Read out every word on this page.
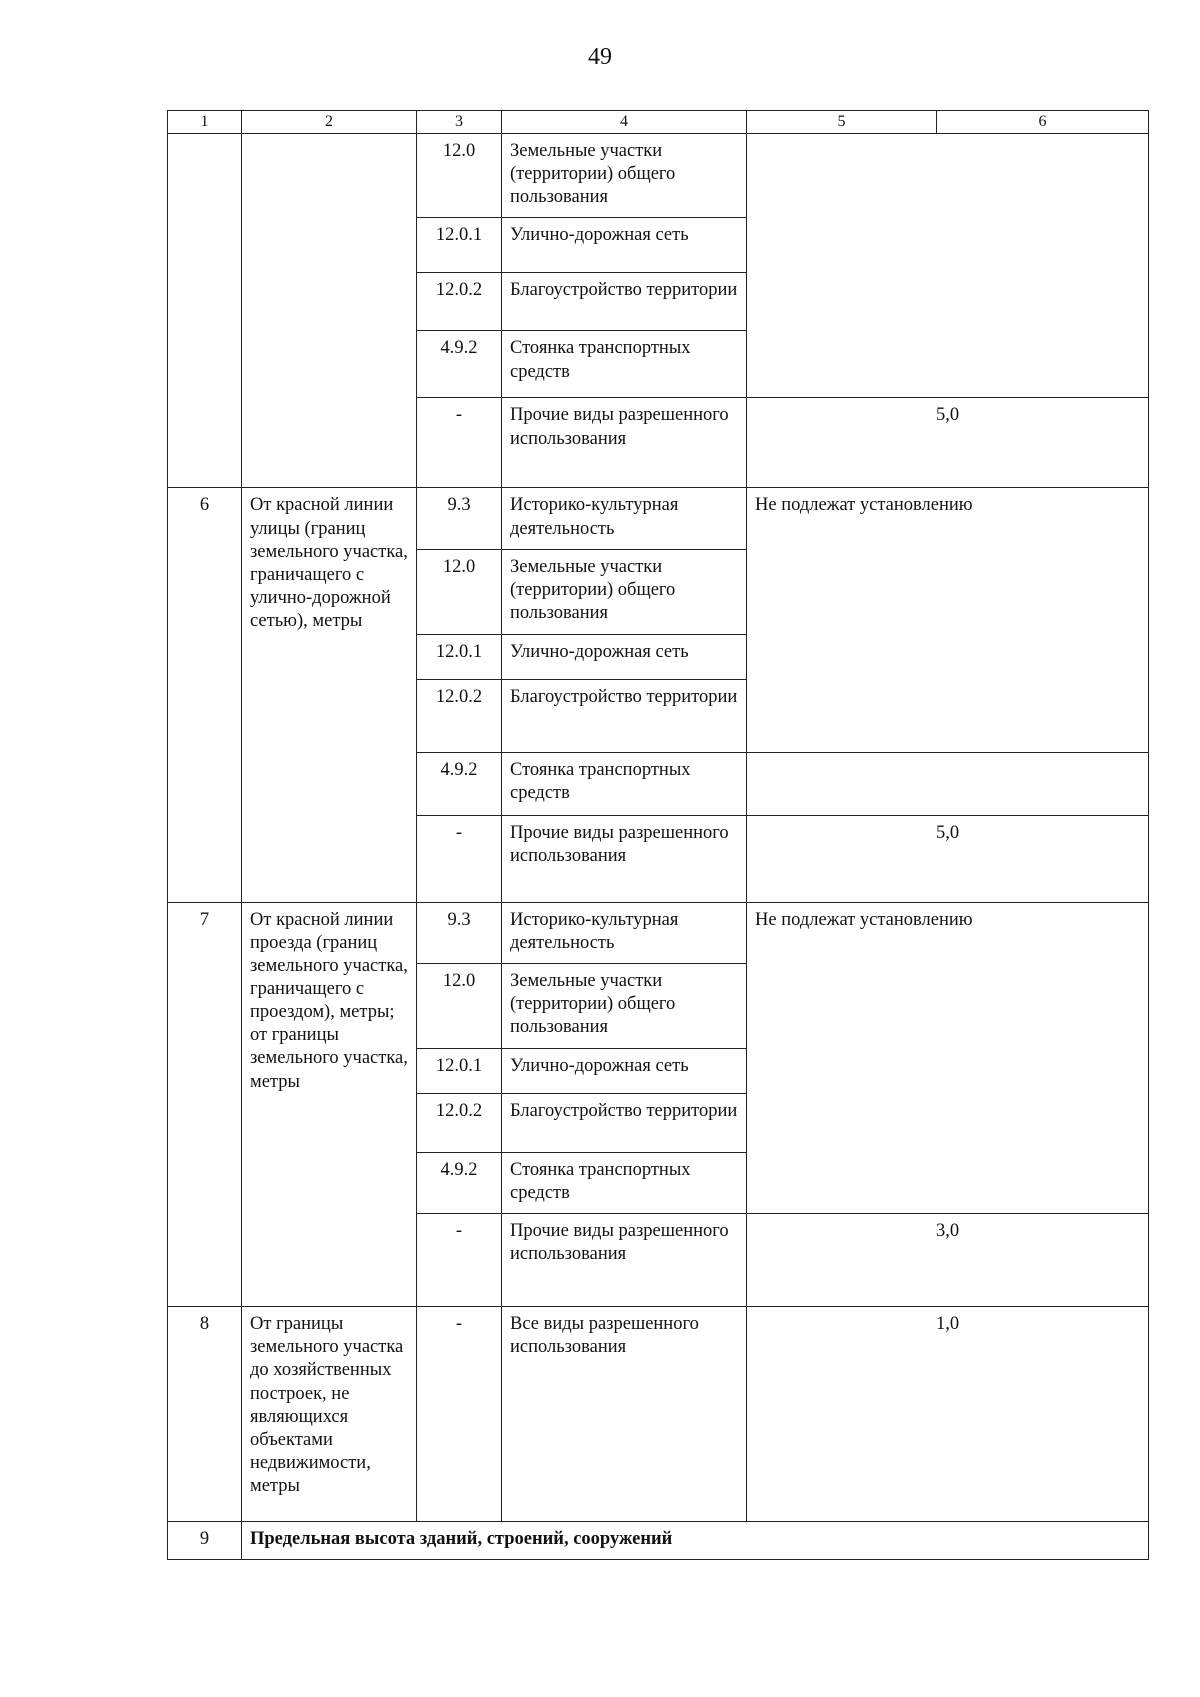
49
1	2	3	4	5	6
		12.0	Земельные участки (территории) общего пользования		
		12.0.1	Улично-дорожная сеть		
		12.0.2	Благоустройство территории		
		4.9.2	Стоянка транспортных средств		
		-	Прочие виды разрешенного использования	5,0	
6	От красной линии улицы (границ земельного участка, граничащего с улично-дорожной сетью), метры	9.3	Историко-культурная деятельность	Не подлежат установлению	
		12.0	Земельные участки (территории) общего пользования		
		12.0.1	Улично-дорожная сеть		
		12.0.2	Благоустройство территории		
		4.9.2	Стоянка транспортных средств		
		-	Прочие виды разрешенного использования	5,0	
7	От красной линии проезда (границ земельного участка, граничащего с проездом), метры; от границы земельного участка, метры	9.3	Историко-культурная деятельность	Не подлежат установлению	
		12.0	Земельные участки (территории) общего пользования		
		12.0.1	Улично-дорожная сеть		
		12.0.2	Благоустройство территории		
		4.9.2	Стоянка транспортных средств		
		-	Прочие виды разрешенного использования	3,0	
8	От границы земельного участка до хозяйственных построек, не являющихся объектами недвижимости, метры	-	Все виды разрешенного использования	1,0	
9	Предельная высота зданий, строений, сооружений				
